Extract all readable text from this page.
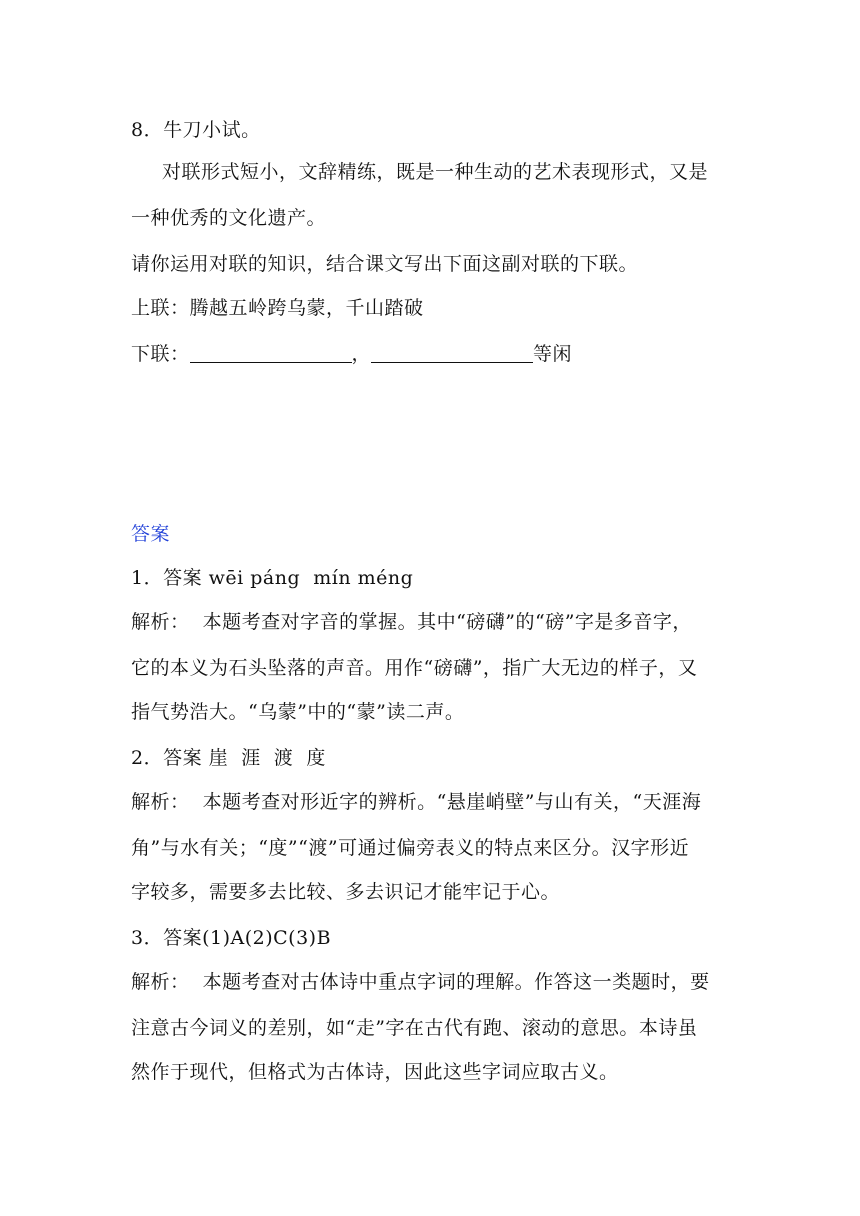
8．牛刀小试。
对联形式短小，文辞精练，既是一种生动的艺术表现形式，又是
一种优秀的文化遗产。
请你运用对联的知识，结合课文写出下面这副对联的下联。
上联：腾越五岭跨乌蒙，千山踏破
下联：	，	等闲
答案
1．答案 wēi páng  mín méng
解析：  本题考查对字音的掌握。其中“磅礴”的“磅”字是多音字，
它的本义为石头坠落的声音。用作“磅礴”，指广大无边的样子，又
指气势浩大。“乌蒙”中的“蒙”读二声。
2．答案 崖  涯  渡  度
解析：  本题考查对形近字的辨析。“悬崖峭壁”与山有关，“天涯海
角”与水有关；“度”“渡”可通过偏旁表义的特点来区分。汉字形近
字较多，需要多去比较、多去识记才能牢记于心。
3．答案(1)A(2)C(3)B
解析：  本题考查对古体诗中重点字词的理解。作答这一类题时，要
注意古今词义的差别，如“走”字在古代有跑、滚动的意思。本诗虽
然作于现代，但格式为古体诗，因此这些字词应取古义。
